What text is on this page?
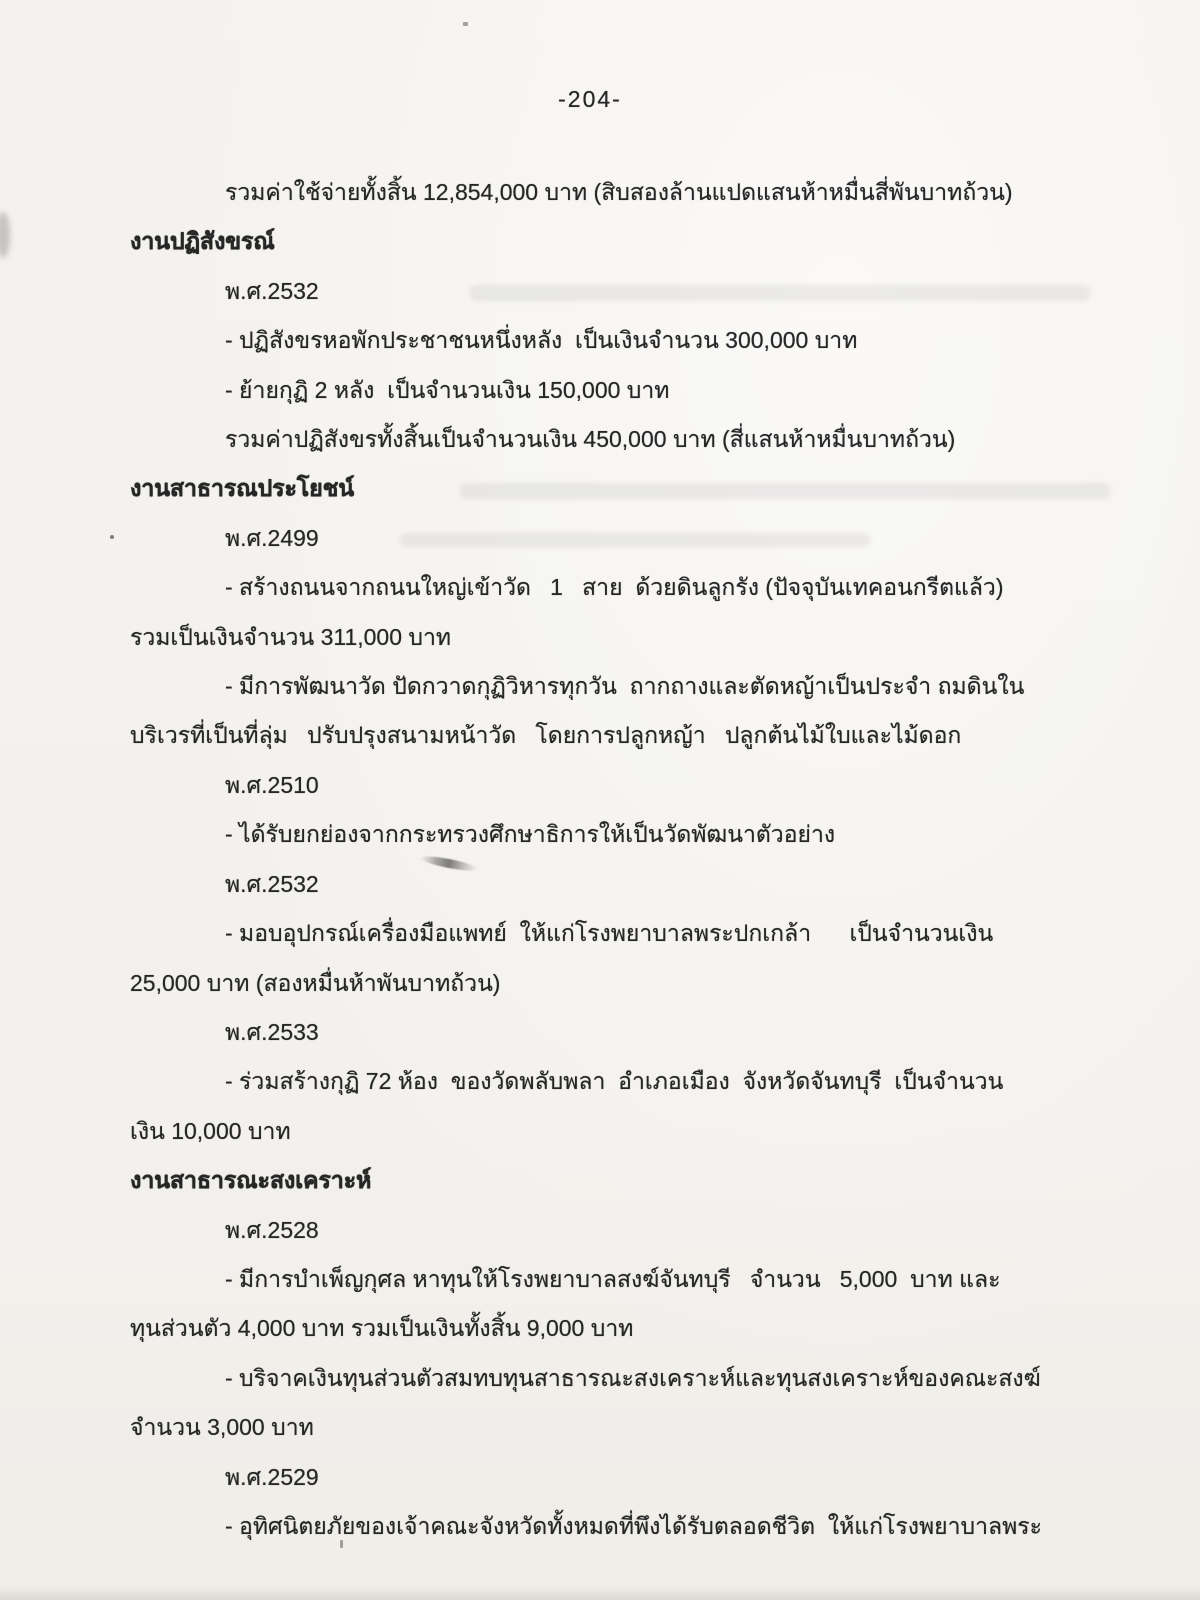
-204-
รวมค่าใช้จ่ายทั้งสิ้น 12,854,000 บาท (สิบสองล้านแปดแสนห้าหมื่นสี่พันบาทถ้วน)
งานปฏิสังขรณ์
พ.ศ.2532
- ปฏิสังขรหอพักประชาชนหนึ่งหลัง  เป็นเงินจำนวน 300,000 บาท
- ย้ายกุฏิ 2 หลัง  เป็นจำนวนเงิน 150,000 บาท
รวมค่าปฏิสังขรทั้งสิ้นเป็นจำนวนเงิน 450,000 บาท (สี่แสนห้าหมื่นบาทถ้วน)
งานสาธารณประโยชน์
พ.ศ.2499
- สร้างถนนจากถนนใหญ่เข้าวัด   1   สาย  ด้วยดินลูกรัง (ปัจจุบันเทคอนกรีตแล้ว)
รวมเป็นเงินจำนวน 311,000 บาท
- มีการพัฒนาวัด ปัดกวาดกุฏิวิหารทุกวัน  ถากถางและตัดหญ้าเป็นประจำ ถมดินใน
บริเวรที่เป็นที่ลุ่ม   ปรับปรุงสนามหน้าวัด   โดยการปลูกหญ้า   ปลูกต้นไม้ใบและไม้ดอก
พ.ศ.2510
- ได้รับยกย่องจากกระทรวงศึกษาธิการให้เป็นวัดพัฒนาตัวอย่าง
พ.ศ.2532
- มอบอุปกรณ์เครื่องมือแพทย์  ให้แก่โรงพยาบาลพระปกเกล้า      เป็นจำนวนเงิน
25,000 บาท (สองหมื่นห้าพันบาทถ้วน)
พ.ศ.2533
- ร่วมสร้างกุฏิ 72 ห้อง  ของวัดพลับพลา  อำเภอเมือง  จังหวัดจันทบุรี  เป็นจำนวน
เงิน 10,000 บาท
งานสาธารณะสงเคราะห์
พ.ศ.2528
- มีการบำเพ็ญกุศล หาทุนให้โรงพยาบาลสงฆ์จันทบุรี   จำนวน   5,000  บาท และ
ทุนส่วนตัว 4,000 บาท รวมเป็นเงินทั้งสิ้น 9,000 บาท
- บริจาคเงินทุนส่วนตัวสมทบทุนสาธารณะสงเคราะห์และทุนสงเคราะห์ของคณะสงฆ์
จำนวน 3,000 บาท
พ.ศ.2529
- อุทิศนิตยภัยของเจ้าคณะจังหวัดทั้งหมดที่พึงได้รับตลอดชีวิต  ให้แก่โรงพยาบาลพระ
